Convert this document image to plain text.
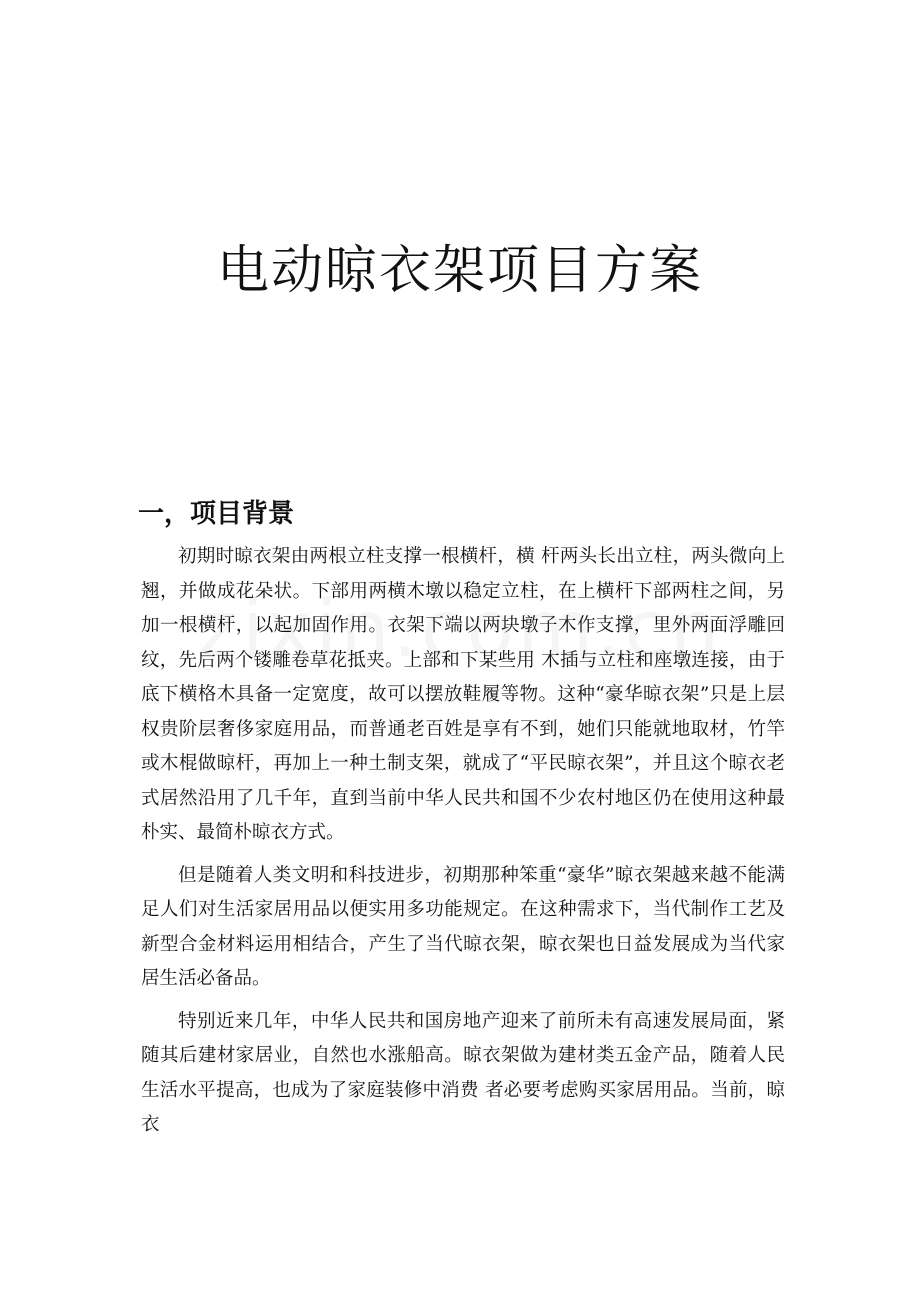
电动晾衣架项目方案
一，项目背景

初期时晾衣架由两根立柱支撑一根横杆，横 杆两头长出立柱，两头微向上翘，并做成花朵状。下部用两横木墩以稳定立柱，在上横杆下部两柱之间，另加一根横杆，以起加固作用。衣架下端以两块墩子木作支撑，里外两面浮雕回纹，先后两个镂雕卷草花抵夹。上部和下某些用 木插与立柱和座墩连接，由于底下横格木具备一定宽度，故可以摆放鞋履等物。这种“豪华晾衣架”只是上层权贵阶层奢侈家庭用品，而普通老百姓是享有不到，她们只能就地取材，竹竿或木棍做晾杆，再加上一种土制支架，就成了“平民晾衣架”，并且这个晾衣老式居然沿用了几千年，直到当前中华人民共和国不少农村地区仍在使用这种最朴实、最简朴晾衣方式。

但是随着人类文明和科技进步，初期那种笨重“豪华”晾衣架越来越不能满足人们对生活家居用品以便实用多功能规定。在这种需求下，当代制作工艺及新型合金材料运用相结合，产生了当代晾衣架，晾衣架也日益发展成为当代家居生活必备品。

特别近来几年，中华人民共和国房地产迎来了前所未有高速发展局面，紧随其后建材家居业，自然也水涨船高。晾衣架做为建材类五金产品，随着人民生活水平提高，也成为了家庭装修中消费 者必要考虑购买家居用品。当前，晾衣
